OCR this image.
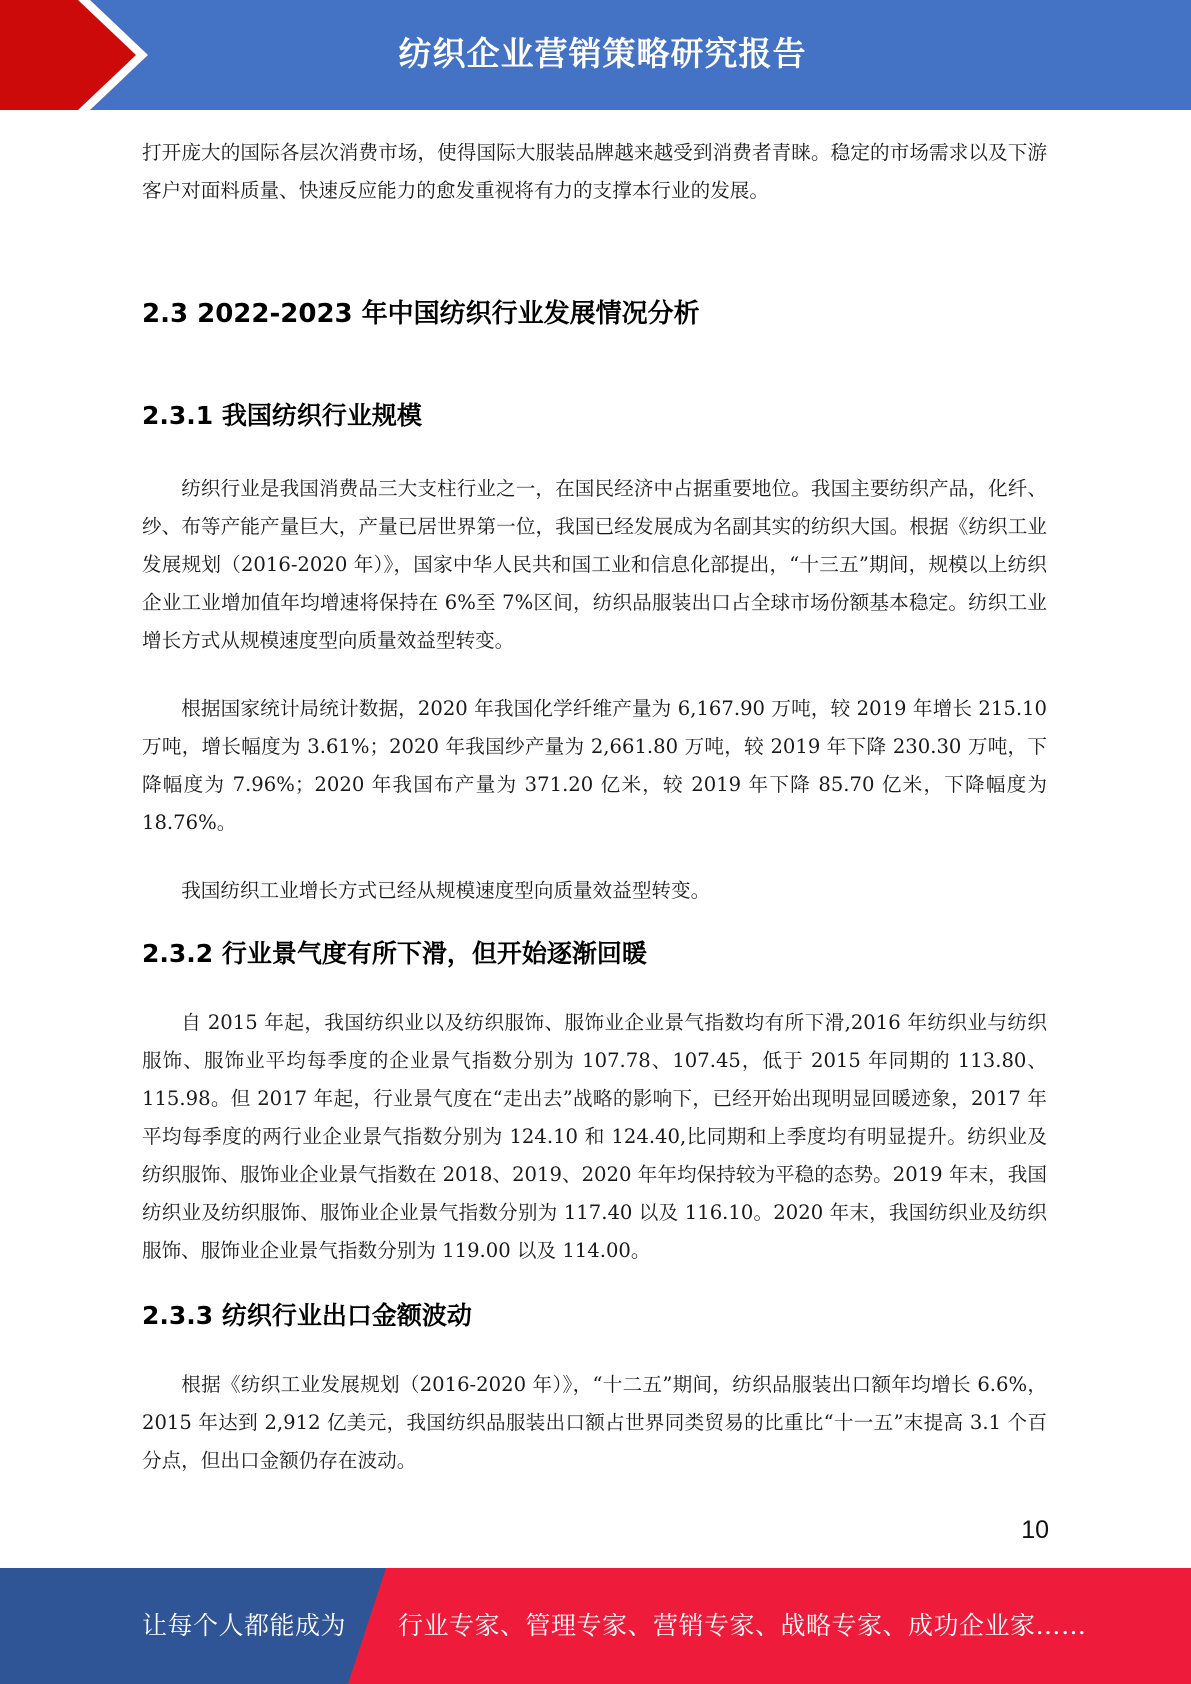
纺织企业营销策略研究报告

打开庞大的国际各层次消费市场，使得国际大服装品牌越来越受到消费者青睐。稳定的市场需求以及下游客户对面料质量、快速反应能力的愈发重视将有力的支撑本行业的发展。

2.3 2022-2023 年中国纺织行业发展情况分析
2.3.1 我国纺织行业规模

纺织行业是我国消费品三大支柱行业之一，在国民经济中占据重要地位。我国主要纺织产品，化纤、纱、布等产能产量巨大，产量已居世界第一位，我国已经发展成为名副其实的纺织大国。根据《纺织工业发展规划（2016-2020 年）》，国家中华人民共和国工业和信息化部提出，“十三五”期间，规模以上纺织企业工业增加值年均增速将保持在 6%至 7%区间，纺织品服装出口占全球市场份额基本稳定。纺织工业增长方式从规模速度型向质量效益型转变。

根据国家统计局统计数据，2020 年我国化学纤维产量为 6,167.90 万吨，较 2019 年增长 215.10 万吨，增长幅度为 3.61%；2020 年我国纱产量为 2,661.80 万吨，较 2019 年下降 230.30 万吨，下降幅度为 7.96%；2020 年我国布产量为 371.20 亿米，较 2019 年下降 85.70 亿米，下降幅度为 18.76%。

我国纺织工业增长方式已经从规模速度型向质量效益型转变。

2.3.2 行业景气度有所下滑，但开始逐渐回暖

自 2015 年起，我国纺织业以及纺织服饰、服饰业企业景气指数均有所下滑,2016 年纺织业与纺织服饰、服饰业平均每季度的企业景气指数分别为 107.78、107.45，低于 2015 年同期的 113.80、115.98。但 2017 年起，行业景气度在“走出去”战略的影响下，已经开始出现明显回暖迹象，2017 年平均每季度的两行业企业景气指数分别为 124.10 和 124.40,比同期和上季度均有明显提升。纺织业及纺织服饰、服饰业企业景气指数在 2018、2019、2020 年年均保持较为平稳的态势。2019 年末，我国纺织业及纺织服饰、服饰业企业景气指数分别为 117.40 以及 116.10。2020 年末，我国纺织业及纺织服饰、服饰业企业景气指数分别为 119.00 以及 114.00。

2.3.3 纺织行业出口金额波动

根据《纺织工业发展规划（2016-2020 年）》，“十二五”期间，纺织品服装出口额年均增长 6.6%，2015 年达到 2,912 亿美元，我国纺织品服装出口额占世界同类贸易的比重比“十一五”末提高 3.1 个百分点，但出口金额仍存在波动。

10
让每个人都能成为 行业专家、管理专家、营销专家、战略专家、成功企业家……
